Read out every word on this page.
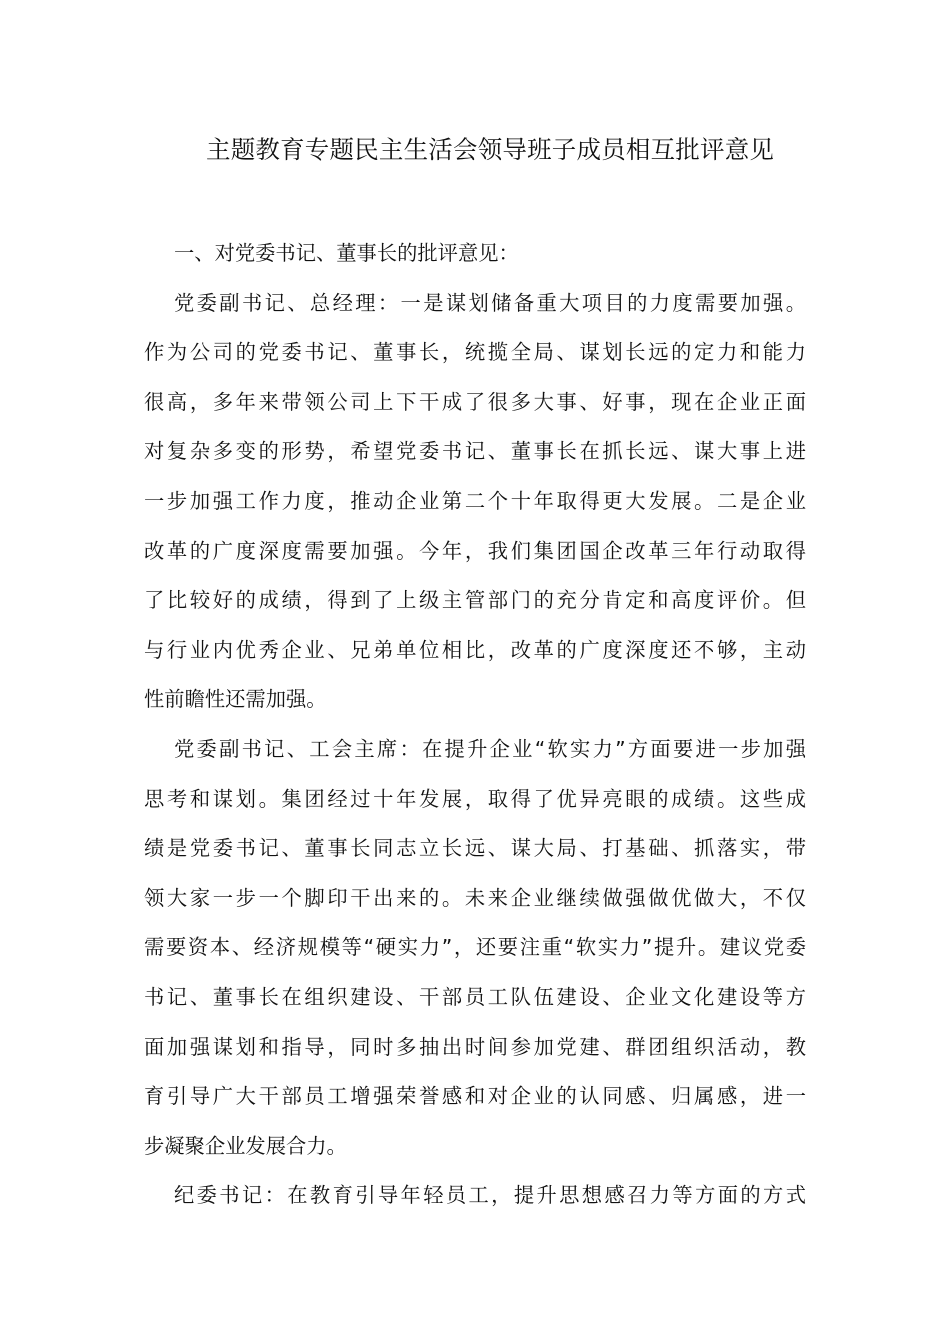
主题教育专题民主生活会领导班子成员相互批评意见
一、对党委书记、董事长的批评意见：
党委副书记、总经理：一是谋划储备重大项目的力度需要加强。
作为公司的党委书记、董事长，统揽全局、谋划长远的定力和能力
很高，多年来带领公司上下干成了很多大事、好事，现在企业正面
对复杂多变的形势，希望党委书记、董事长在抓长远、谋大事上进
一步加强工作力度，推动企业第二个十年取得更大发展。二是企业
改革的广度深度需要加强。今年，我们集团国企改革三年行动取得
了比较好的成绩，得到了上级主管部门的充分肯定和高度评价。但
与行业内优秀企业、兄弟单位相比，改革的广度深度还不够，主动
性前瞻性还需加强。
党委副书记、工会主席：在提升企业“软实力”方面要进一步加强
思考和谋划。集团经过十年发展，取得了优异亮眼的成绩。这些成
绩是党委书记、董事长同志立长远、谋大局、打基础、抓落实，带
领大家一步一个脚印干出来的。未来企业继续做强做优做大，不仅
需要资本、经济规模等“硬实力”，还要注重“软实力”提升。建议党委
书记、董事长在组织建设、干部员工队伍建设、企业文化建设等方
面加强谋划和指导，同时多抽出时间参加党建、群团组织活动，教
育引导广大干部员工增强荣誉感和对企业的认同感、归属感，进一
步凝聚企业发展合力。
纪委书记：在教育引导年轻员工，提升思想感召力等方面的方式
